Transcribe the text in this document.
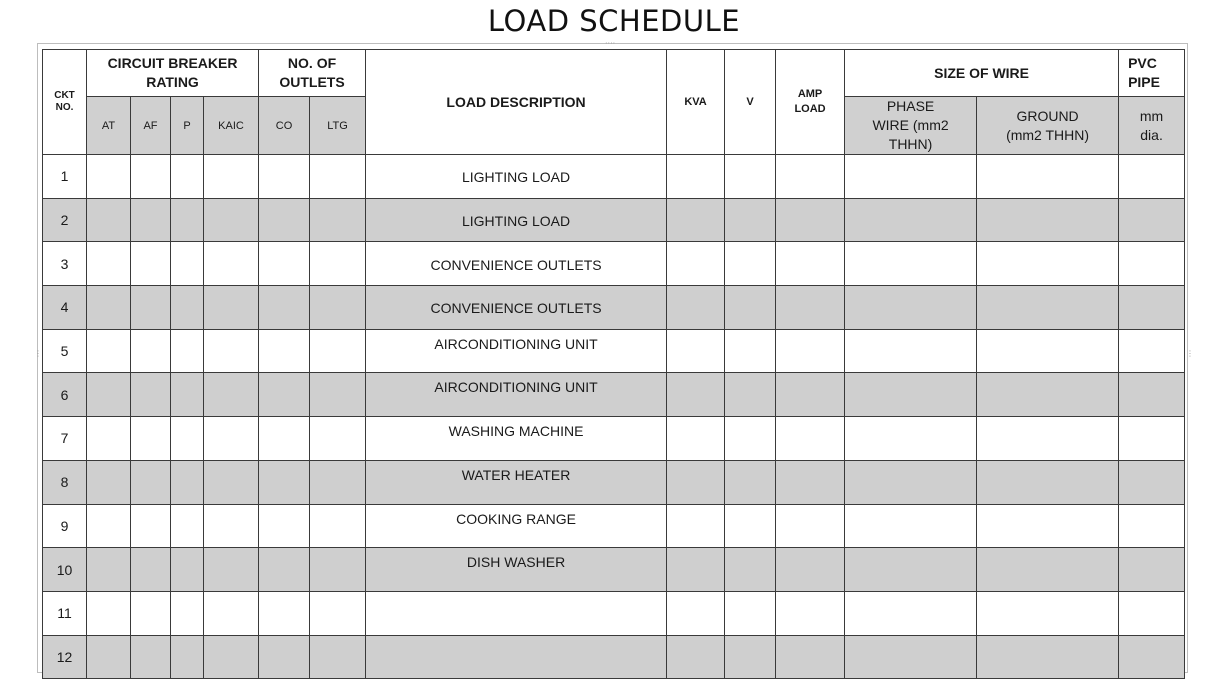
LOAD SCHEDULE
····
⋮	⋮
CKT NO.	CIRCUIT BREAKER RATING				NO. OF OUTLETS		LOAD DESCRIPTION	KVA	V	AMP LOAD	SIZE OF WIRE		PVC PIPE
	AT	AF	P	KAIC	CO	LTG					PHASE WIRE (mm2 THHN)	GROUND (mm2 THHN)	mm dia.
1							LIGHTING LOAD						
2							LIGHTING LOAD						
3							CONVENIENCE OUTLETS						
4							CONVENIENCE OUTLETS						
5							AIRCONDITIONING UNIT						
6							AIRCONDITIONING UNIT						
7							WASHING MACHINE						
8							WATER HEATER						
9							COOKING RANGE						
10							DISH WASHER						
11													
12													
